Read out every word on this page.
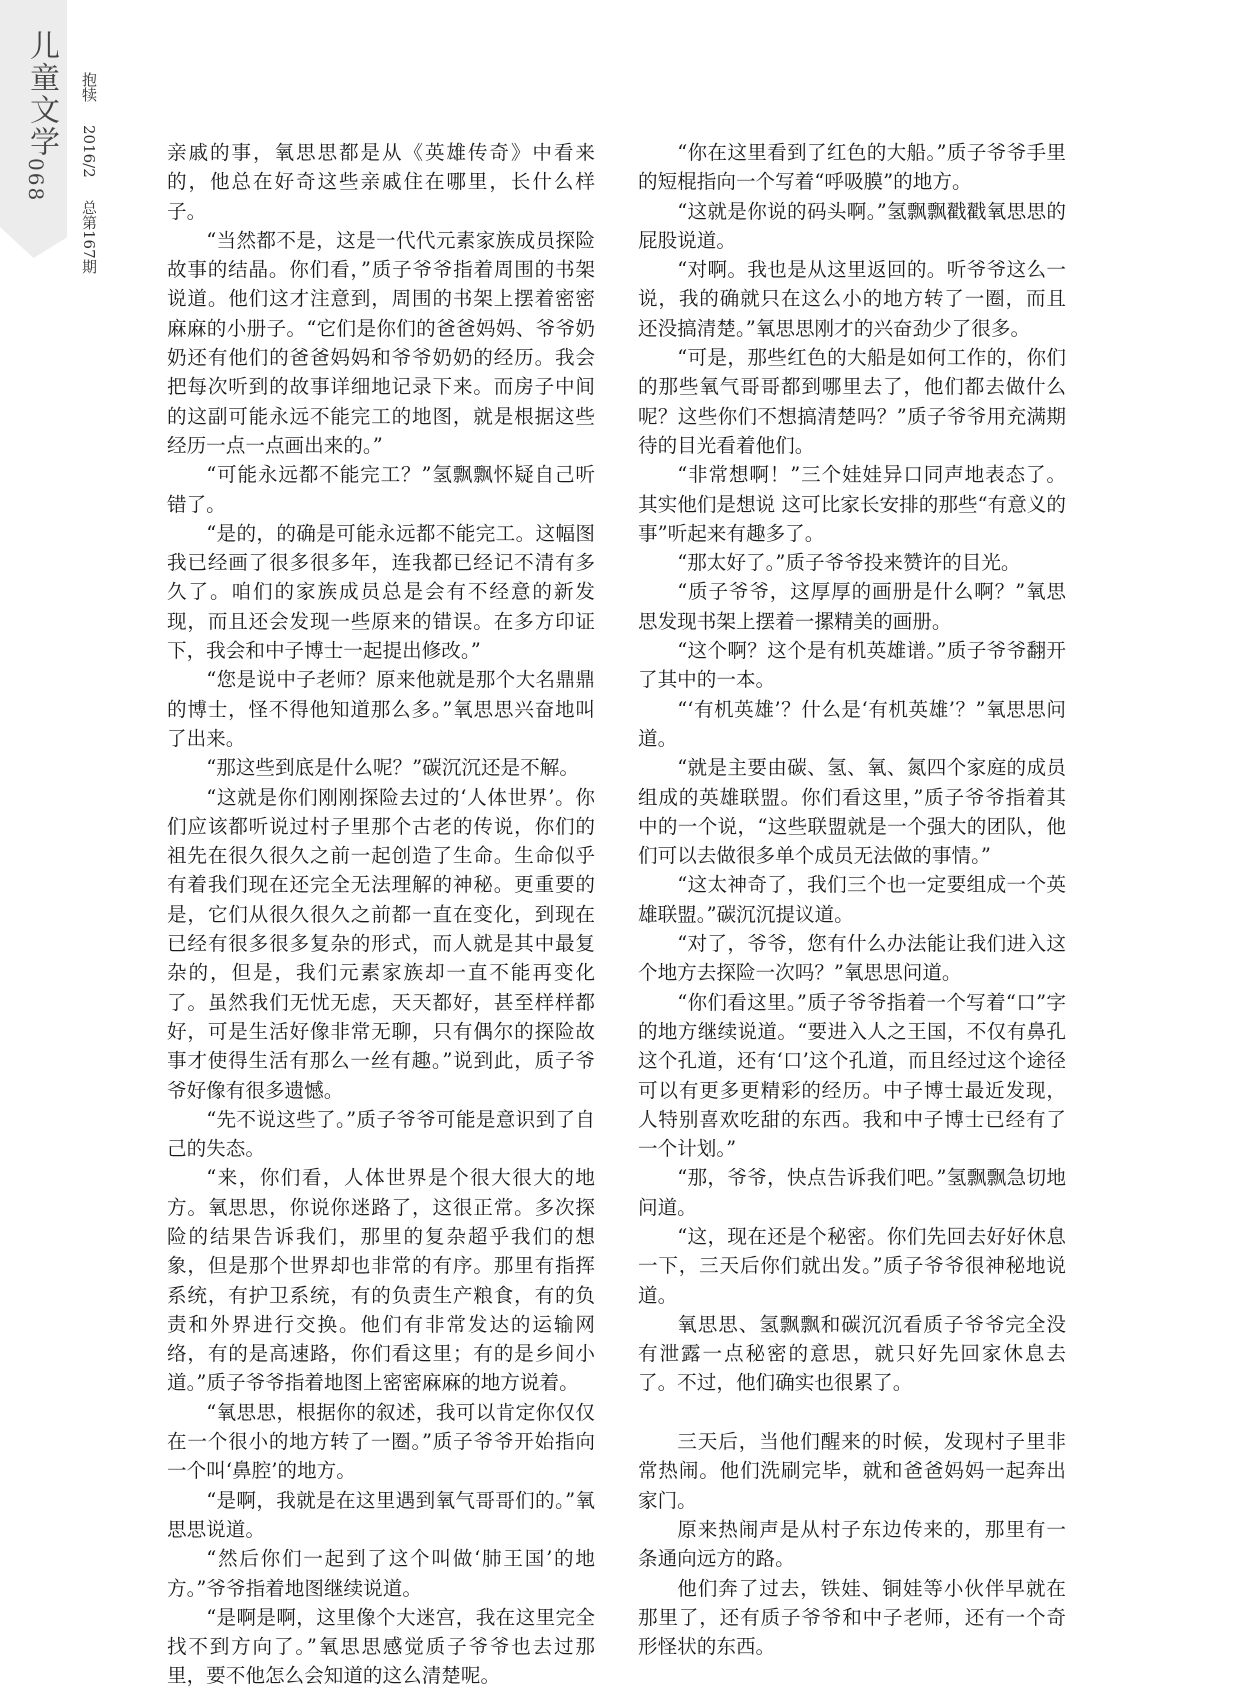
儿童文学
068
抱犊 2016/2 总第167期

亲戚的事，氧思思都是从《英雄传奇》中看来的，他总在好奇这些亲戚住在哪里，长什么样子。

“当然都不是，这是一代代元素家族成员探险故事的结晶。你们看，”质子爷爷指着周围的书架说道。他们这才注意到，周围的书架上摆着密密麻麻的小册子。“它们是你们的爸爸妈妈、爷爷奶奶还有他们的爸爸妈妈和爷爷奶奶的经历。我会把每次听到的故事详细地记录下来。而房子中间的这副可能永远不能完工的地图，就是根据这些经历一点一点画出来的。”

“可能永远都不能完工？”氢飘飘怀疑自己听错了。

“是的，的确是可能永远都不能完工。这幅图我已经画了很多很多年，连我都已经记不清有多久了。咱们的家族成员总是会有不经意的新发现，而且还会发现一些原来的错误。在多方印证下，我会和中子博士一起提出修改。”

“您是说中子老师？原来他就是那个大名鼎鼎的博士，怪不得他知道那么多。”氧思思兴奋地叫了出来。

“那这些到底是什么呢？”碳沉沉还是不解。

“这就是你们刚刚探险去过的‘人体世界’。你们应该都听说过村子里那个古老的传说，你们的祖先在很久很久之前一起创造了生命。生命似乎有着我们现在还完全无法理解的神秘。更重要的是，它们从很久很久之前都一直在变化，到现在已经有很多很多复杂的形式，而人就是其中最复杂的，但是，我们元素家族却一直不能再变化了。虽然我们无忧无虑，天天都好，甚至样样都好，可是生活好像非常无聊，只有偶尔的探险故事才使得生活有那么一丝有趣。”说到此，质子爷爷好像有很多遗憾。

“先不说这些了。”质子爷爷可能是意识到了自己的失态。

“来，你们看，人体世界是个很大很大的地方。氧思思，你说你迷路了，这很正常。多次探险的结果告诉我们，那里的复杂超乎我们的想象，但是那个世界却也非常的有序。那里有指挥系统，有护卫系统，有的负责生产粮食，有的负责和外界进行交换。他们有非常发达的运输网络，有的是高速路，你们看这里；有的是乡间小道。”质子爷爷指着地图上密密麻麻的地方说着。

“氧思思，根据你的叙述，我可以肯定你仅仅在一个很小的地方转了一圈。”质子爷爷开始指向一个叫‘鼻腔’的地方。

“是啊，我就是在这里遇到氧气哥哥们的。”氧思思说道。

“然后你们一起到了这个叫做‘肺王国’的地方。”爷爷指着地图继续说道。

“是啊是啊，这里像个大迷宫，我在这里完全找不到方向了。”氧思思感觉质子爷爷也去过那里，要不他怎么会知道的这么清楚呢。

“你在这里看到了红色的大船。”质子爷爷手里的短棍指向一个写着“呼吸膜”的地方。

“这就是你说的码头啊。”氢飘飘戳戳氧思思的屁股说道。

“对啊。我也是从这里返回的。听爷爷这么一说，我的确就只在这么小的地方转了一圈，而且还没搞清楚。”氧思思刚才的兴奋劲少了很多。

“可是，那些红色的大船是如何工作的，你们的那些氧气哥哥都到哪里去了，他们都去做什么呢？这些你们不想搞清楚吗？”质子爷爷用充满期待的目光看着他们。

“非常想啊！”三个娃娃异口同声地表态了。其实他们是想说 这可比家长安排的那些“有意义的事”听起来有趣多了。

“那太好了。”质子爷爷投来赞许的目光。

“质子爷爷，这厚厚的画册是什么啊？”氧思思发现书架上摆着一摞精美的画册。

“这个啊？这个是有机英雄谱。”质子爷爷翻开了其中的一本。

“‘有机英雄’？什么是‘有机英雄’？”氧思思问道。

“就是主要由碳、氢、氧、氮四个家庭的成员组成的英雄联盟。你们看这里，”质子爷爷指着其中的一个说，“这些联盟就是一个强大的团队，他们可以去做很多单个成员无法做的事情。”

“这太神奇了，我们三个也一定要组成一个英雄联盟。”碳沉沉提议道。

“对了，爷爷，您有什么办法能让我们进入这个地方去探险一次吗？”氧思思问道。

“你们看这里。”质子爷爷指着一个写着“口”字的地方继续说道。“要进入人之王国，不仅有鼻孔这个孔道，还有‘口’这个孔道，而且经过这个途径可以有更多更精彩的经历。中子博士最近发现，人特别喜欢吃甜的东西。我和中子博士已经有了一个计划。”

“那，爷爷，快点告诉我们吧。”氢飘飘急切地问道。

“这，现在还是个秘密。你们先回去好好休息一下，三天后你们就出发。”质子爷爷很神秘地说道。

氧思思、氢飘飘和碳沉沉看质子爷爷完全没有泄露一点秘密的意思，就只好先回家休息去了。不过，他们确实也很累了。

三天后，当他们醒来的时候，发现村子里非常热闹。他们洗刷完毕，就和爸爸妈妈一起奔出家门。

原来热闹声是从村子东边传来的，那里有一条通向远方的路。

他们奔了过去，铁娃、铜娃等小伙伴早就在那里了，还有质子爷爷和中子老师，还有一个奇形怪状的东西。
